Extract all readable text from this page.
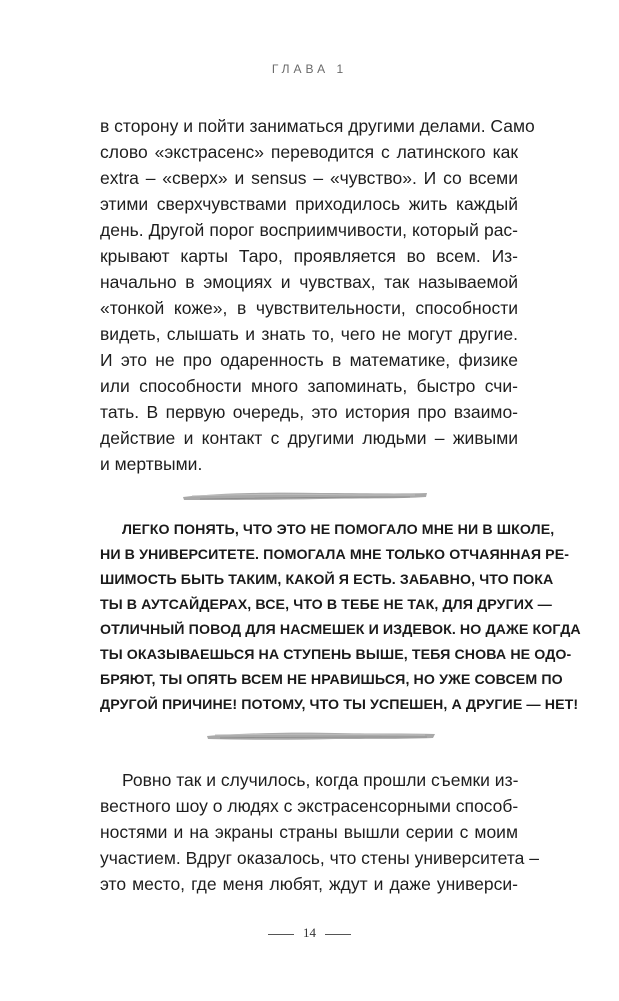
ГЛАВА 1
в сторону и пойти заниматься другими делами. Само
слово «экстрасенс» переводится с латинского как
extra – «сверх» и sensus – «чувство». И со всеми
этими сверхчувствами приходилось жить каждый
день. Другой порог восприимчивости, который рас-
крывают карты Таро, проявляется во всем. Из-
начально в эмоциях и чувствах, так называемой
«тонкой коже», в чувствительности, способности
видеть, слышать и знать то, чего не могут другие.
И это не про одаренность в математике, физике
или способности много запоминать, быстро счи-
тать. В первую очередь, это история про взаимо-
действие и контакт с другими людьми – живыми
и мертвыми.
ЛЕГКО ПОНЯТЬ, ЧТО ЭТО НЕ ПОМОГАЛО МНЕ НИ В ШКОЛЕ,
НИ В УНИВЕРСИТЕТЕ. ПОМОГАЛА МНЕ ТОЛЬКО ОТЧАЯННАЯ РЕ-
ШИМОСТЬ БЫТЬ ТАКИМ, КАКОЙ Я ЕСТЬ. ЗАБАВНО, ЧТО ПОКА
ТЫ В АУТСАЙДЕРАХ, ВСЕ, ЧТО В ТЕБЕ НЕ ТАК, ДЛЯ ДРУГИХ —
ОТЛИЧНЫЙ ПОВОД ДЛЯ НАСМЕШЕК И ИЗДЕВОК. НО ДАЖЕ КОГДА
ТЫ ОКАЗЫВАЕШЬСЯ НА СТУПЕНЬ ВЫШЕ, ТЕБЯ СНОВА НЕ ОДО-
БРЯЮТ, ТЫ ОПЯТЬ ВСЕМ НЕ НРАВИШЬСЯ, НО УЖЕ СОВСЕМ ПО
ДРУГОЙ ПРИЧИНЕ! ПОТОМУ, ЧТО ТЫ УСПЕШЕН, А ДРУГИЕ — НЕТ!
Ровно так и случилось, когда прошли съемки из-
вестного шоу о людях с экстрасенсорными способ-
ностями и на экраны страны вышли серии с моим
участием. Вдруг оказалось, что стены университета –
это место, где меня любят, ждут и даже универси-
14
